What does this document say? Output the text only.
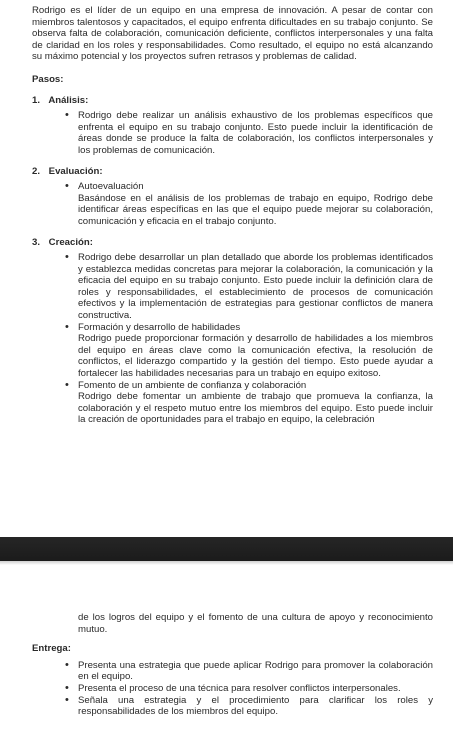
Rodrigo es el líder de un equipo en una empresa de innovación. A pesar de contar con miembros talentosos y capacitados, el equipo enfrenta dificultades en su trabajo conjunto. Se observa falta de colaboración, comunicación deficiente, conflictos interpersonales y una falta de claridad en los roles y responsabilidades. Como resultado, el equipo no está alcanzando su máximo potencial y los proyectos sufren retrasos y problemas de calidad.

Pasos:

1. Análisis:

• Rodrigo debe realizar un análisis exhaustivo de los problemas específicos que enfrenta el equipo en su trabajo conjunto. Esto puede incluir la identificación de áreas donde se produce la falta de colaboración, los conflictos interpersonales y los problemas de comunicación.

2. Evaluación:

• Autoevaluación
Basándose en el análisis de los problemas de trabajo en equipo, Rodrigo debe identificar áreas específicas en las que el equipo puede mejorar su colaboración, comunicación y eficacia en el trabajo conjunto.

3. Creación:

• Rodrigo debe desarrollar un plan detallado que aborde los problemas identificados y establezca medidas concretas para mejorar la colaboración, la comunicación y la eficacia del equipo en su trabajo conjunto. Esto puede incluir la definición clara de roles y responsabilidades, el establecimiento de procesos de comunicación efectivos y la implementación de estrategias para gestionar conflictos de manera constructiva.
• Formación y desarrollo de habilidades
Rodrigo puede proporcionar formación y desarrollo de habilidades a los miembros del equipo en áreas clave como la comunicación efectiva, la resolución de conflictos, el liderazgo compartido y la gestión del tiempo. Esto puede ayudar a fortalecer las habilidades necesarias para un trabajo en equipo exitoso.
• Fomento de un ambiente de confianza y colaboración
Rodrigo debe fomentar un ambiente de trabajo que promueva la confianza, la colaboración y el respeto mutuo entre los miembros del equipo. Esto puede incluir la creación de oportunidades para el trabajo en equipo, la celebración

de los logros del equipo y el fomento de una cultura de apoyo y reconocimiento mutuo.

Entrega:

• Presenta una estrategia que puede aplicar Rodrigo para promover la colaboración en el equipo.
• Presenta el proceso de una técnica para resolver conflictos interpersonales.
• Señala una estrategia y el procedimiento para clarificar los roles y responsabilidades de los miembros del equipo.
